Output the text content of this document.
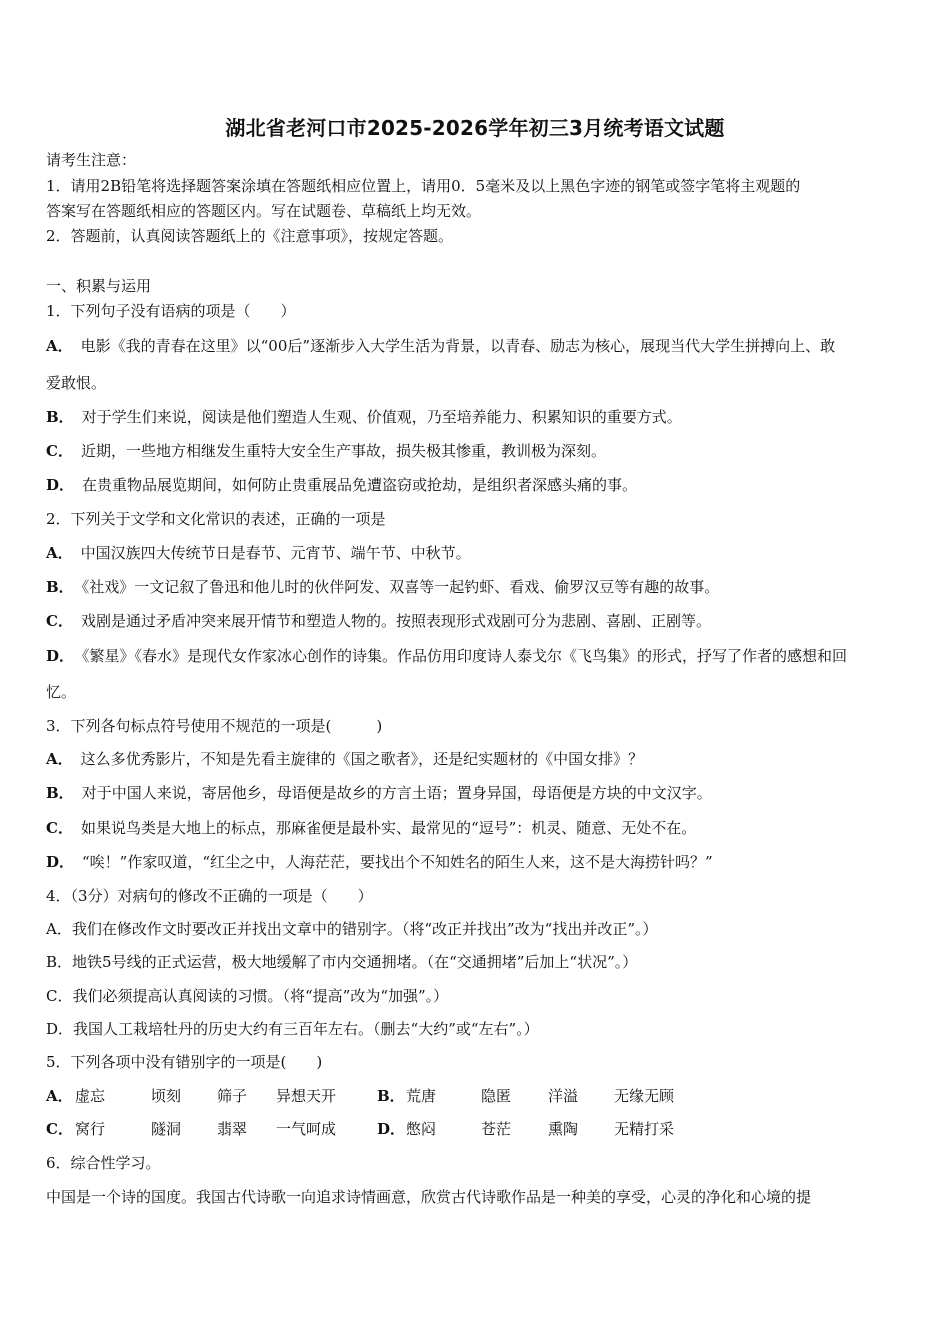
湖北省老河口市2025-2026学年初三3月统考语文试题
请考生注意：
1．请用2B铅笔将选择题答案涂填在答题纸相应位置上，请用0．5毫米及以上黑色字迹的钢笔或签字笔将主观题的
答案写在答题纸相应的答题区内。写在试题卷、草稿纸上均无效。
2．答题前，认真阅读答题纸上的《注意事项》，按规定答题。
一、积累与运用
1．下列句子没有语病的项是（　　）
A． 电影《我的青春在这里》以“00后”逐渐步入大学生活为背景，以青春、励志为核心，展现当代大学生拼搏向上、敢
爱敢恨。
B． 对于学生们来说，阅读是他们塑造人生观、价值观，乃至培养能力、积累知识的重要方式。
C． 近期，一些地方相继发生重特大安全生产事故，损失极其惨重，教训极为深刻。
D． 在贵重物品展览期间，如何防止贵重展品免遭盗窃或抢劫，是组织者深感头痛的事。
2．下列关于文学和文化常识的表述，正确的一项是
A． 中国汉族四大传统节日是春节、元宵节、端午节、中秋节。
B． 《社戏》一文记叙了鲁迅和他儿时的伙伴阿发、双喜等一起钓虾、看戏、偷罗汉豆等有趣的故事。
C． 戏剧是通过矛盾冲突来展开情节和塑造人物的。按照表现形式戏剧可分为悲剧、喜剧、正剧等。
D． 《繁星》《春水》是现代女作家冰心创作的诗集。作品仿用印度诗人泰戈尔《飞鸟集》的形式，抒写了作者的感想和回
忆。
3．下列各句标点符号使用不规范的一项是(　　　)
A． 这么多优秀影片，不知是先看主旋律的《国之歌者》，还是纪实题材的《中国女排》？
B． 对于中国人来说，寄居他乡，母语便是故乡的方言土语；置身异国，母语便是方块的中文汉字。
C． 如果说鸟类是大地上的标点，那麻雀便是最朴实、最常见的“逗号”：机灵、随意、无处不在。
D． “唉！”作家叹道，“红尘之中，人海茫茫，要找出个不知姓名的陌生人来，这不是大海捞针吗？”
4．（3分）对病句的修改不正确的一项是（　　）
A．我们在修改作文时要改正并找出文章中的错别字。（将“改正并找出”改为“找出并改正”。）
B．地铁5号线的正式运营，极大地缓解了市内交通拥堵。（在“交通拥堵”后加上“状况”。）
C．我们必须提高认真阅读的习惯。（将“提高”改为“加强”。）
D．我国人工栽培牡丹的历史大约有三百年左右。（删去“大约”或“左右”。）
5．下列各项中没有错别字的一项是(　　)
A． 虚忘	顷刻 筛子 异想天开	B． 荒唐	隐匿 洋溢 无缘无顾
C． 窝行	隧洞 翡翠 一气呵成	D． 憋闷	苍茫 熏陶 无精打采
6．综合性学习。
中国是一个诗的国度。我国古代诗歌一向追求诗情画意，欣赏古代诗歌作品是一种美的享受，心灵的净化和心境的提
